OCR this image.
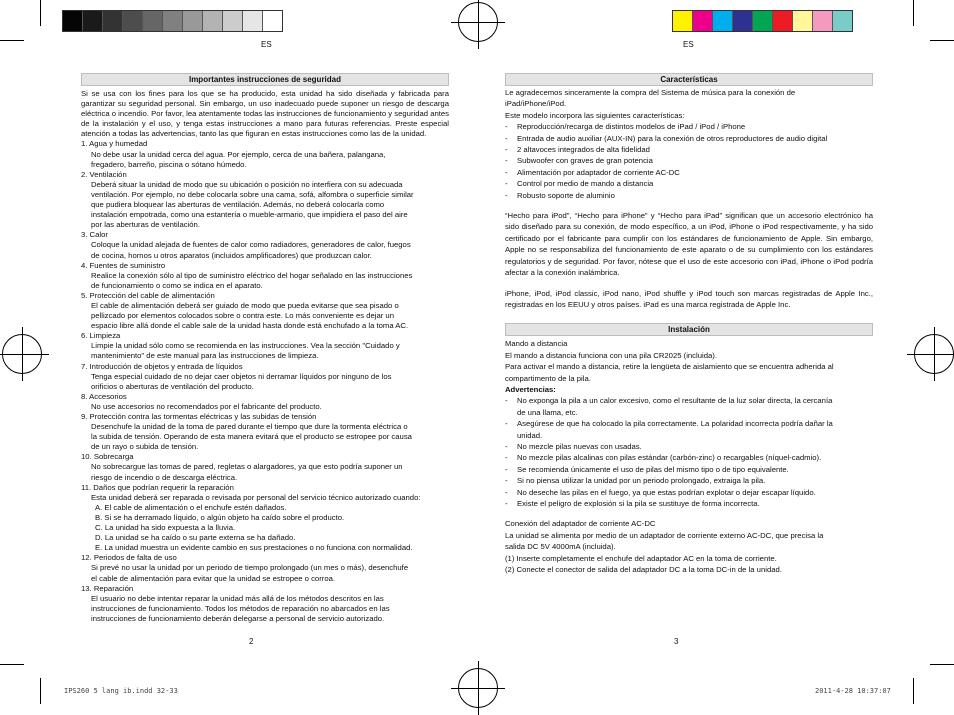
ES	ES
Importantes instrucciones de seguridad

Si se usa con los fines para los que se ha producido, esta unidad ha sido diseñada y fabricada para garantizar su seguridad personal. Sin embargo, un uso inadecuado puede suponer un riesgo de descarga eléctrica o incendio. Por favor, lea atentamente todas las instrucciones de funcionamiento y seguridad antes de la instalación y el uso, y tenga estas instrucciones a mano para futuras referencias. Preste especial atención a todas las advertencias, tanto las que figuran en estas instrucciones como las de la unidad.

1. Agua y humedad

No debe usar la unidad cerca del agua. Por ejemplo, cerca de una bañera, palangana,

fregadero, barreño, piscina o sótano húmedo.

2. Ventilación

Deberá situar la unidad de modo que su ubicación o posición no interfiera con su adecuada

ventilación. Por ejemplo, no debe colocarla sobre una cama, sofá, alfombra o superficie similar

que pudiera bloquear las aberturas de ventilación. Además, no deberá colocarla como

instalación empotrada, como una estantería o mueble-armario, que impidiera el paso del aire

por las aberturas de ventilación.

3. Calor

Coloque la unidad alejada de fuentes de calor como radiadores, generadores de calor, fuegos

de cocina, hornos u otros aparatos (incluidos amplificadores) que produzcan calor.

4. Fuentes de suministro

Realice la conexión sólo al tipo de suministro eléctrico del hogar señalado en las instrucciones

de funcionamiento o como se indica en el aparato.

5. Protección del cable de alimentación

El cable de alimentación deberá ser guiado de modo que pueda evitarse que sea pisado o

pellizcado por elementos colocados sobre o contra este. Lo más conveniente es dejar un

espacio libre allá donde el cable sale de la unidad hasta donde está enchufado a la toma AC.

6. Limpieza

Limpie la unidad sólo como se recomienda en las instrucciones. Vea la sección "Cuidado y

mantenimiento" de este manual para las instrucciones de limpieza.

7. Introducción de objetos y entrada de líquidos

Tenga especial cuidado de no dejar caer objetos ni derramar líquidos por ninguno de los

orificios o aberturas de ventilación del producto.

8. Accesorios

No use accesorios no recomendados por el fabricante del producto.

9. Protección contra las tormentas eléctricas y las subidas de tensión

Desenchufe la unidad de la toma de pared durante el tiempo que dure la tormenta eléctrica o

la subida de tensión. Operando de esta manera evitará que el producto se estropee por causa

de un rayo o subida de tensión.

10. Sobrecarga

No sobrecargue las tomas de pared, regletas o alargadores, ya que esto podría suponer un

riesgo de incendio o de descarga eléctrica.

11. Daños que podrían requerir la reparación

Esta unidad deberá ser reparada o revisada por personal del servicio técnico autorizado cuando:

A. El cable de alimentación o el enchufe estén dañados.

B. Si se ha derramado líquido, o algún objeto ha caído sobre el producto.

C. La unidad ha sido expuesta a la lluvia.

D. La unidad se ha caído o su parte externa se ha dañado.

E. La unidad muestra un evidente cambio en sus prestaciones o no funciona con normalidad.

12. Periodos de falta de uso

Si prevé no usar la unidad por un periodo de tiempo prolongado (un mes o más), desenchufe

el cable de alimentación para evitar que la unidad se estropee o corroa.

13. Reparación

El usuario no debe intentar reparar la unidad más allá de los métodos descritos en las

instrucciones de funcionamiento. Todos los métodos de reparación no abarcados en las

instrucciones de funcionamiento deberán delegarse a personal de servicio autorizado.

2
Características

Le agradecemos sinceramente la compra del Sistema de música para la conexión de

iPad/iPhone/iPod.

Este modelo incorpora las siguientes características:

-	Reproducción/recarga de distintos modelos de iPad / iPod / iPhone
-	Entrada de audio auxiliar (AUX-IN) para la conexión de otros reproductores de audio digital
-	2 altavoces integrados de alta fidelidad
-	Subwoofer con graves de gran potencia
-	Alimentación por adaptador de corriente AC-DC
-	Control por medio de mando a distancia
-	Robusto soporte de aluminio

“Hecho para iPod”, “Hecho para iPhone” y “Hecho para iPad” significan que un accesorio electrónico ha sido diseñado para su conexión, de modo específico, a un iPod, iPhone o iPod respectivamente, y ha sido certificado por el fabricante para cumplir con los estándares de funcionamiento de Apple. Sin embargo, Apple no se responsabiliza del funcionamiento de este aparato o de su cumplimiento con los estándares regulatorios y de seguridad. Por favor, nótese que el uso de este accesorio con iPad, iPhone o iPod podría afectar a la conexión inalámbrica.

iPhone, iPod, iPod classic, iPod nano, iPod shuffle y iPod touch son marcas registradas de Apple Inc., registradas en los EEUU y otros países. iPad es una marca registrada de Apple Inc.

Instalación

Mando a distancia

El mando a distancia funciona con una pila CR2025 (incluida).

Para activar el mando a distancia, retire la lengüeta de aislamiento que se encuentra adherida al

compartimento de la pila.

Advertencias:
-	No exponga la pila a un calor excesivo, como el resultante de la luz solar directa, la cercanía
de una llama, etc.
-	Asegúrese de que ha colocado la pila correctamente. La polaridad incorrecta podría dañar la
unidad.
-	No mezcle pilas nuevas con usadas.
-	No mezcle pilas alcalinas con pilas estándar (carbón-zinc) o recargables (níquel-cadmio).
-	Se recomienda únicamente el uso de pilas del mismo tipo o de tipo equivalente.
-	Si no piensa utilizar la unidad por un periodo prolongado, extraiga la pila.
-	No deseche las pilas en el fuego, ya que estas podrían explotar o dejar escapar líquido.
-	Existe el peligro de explosión si la pila se sustituye de forma incorrecta.

Conexión del adaptador de corriente AC-DC

La unidad se alimenta por medio de un adaptador de corriente externo AC-DC, que precisa la

salida DC 5V 4000mA (incluida).

(1) Inserte completamente el enchufe del adaptador AC en la toma de corriente.

(2) Conecte el conector de salida del adaptador DC a la toma DC-in de la unidad.

3
IPS260 5 lang ib.indd 32-33	2011-4-28 10:37:07
